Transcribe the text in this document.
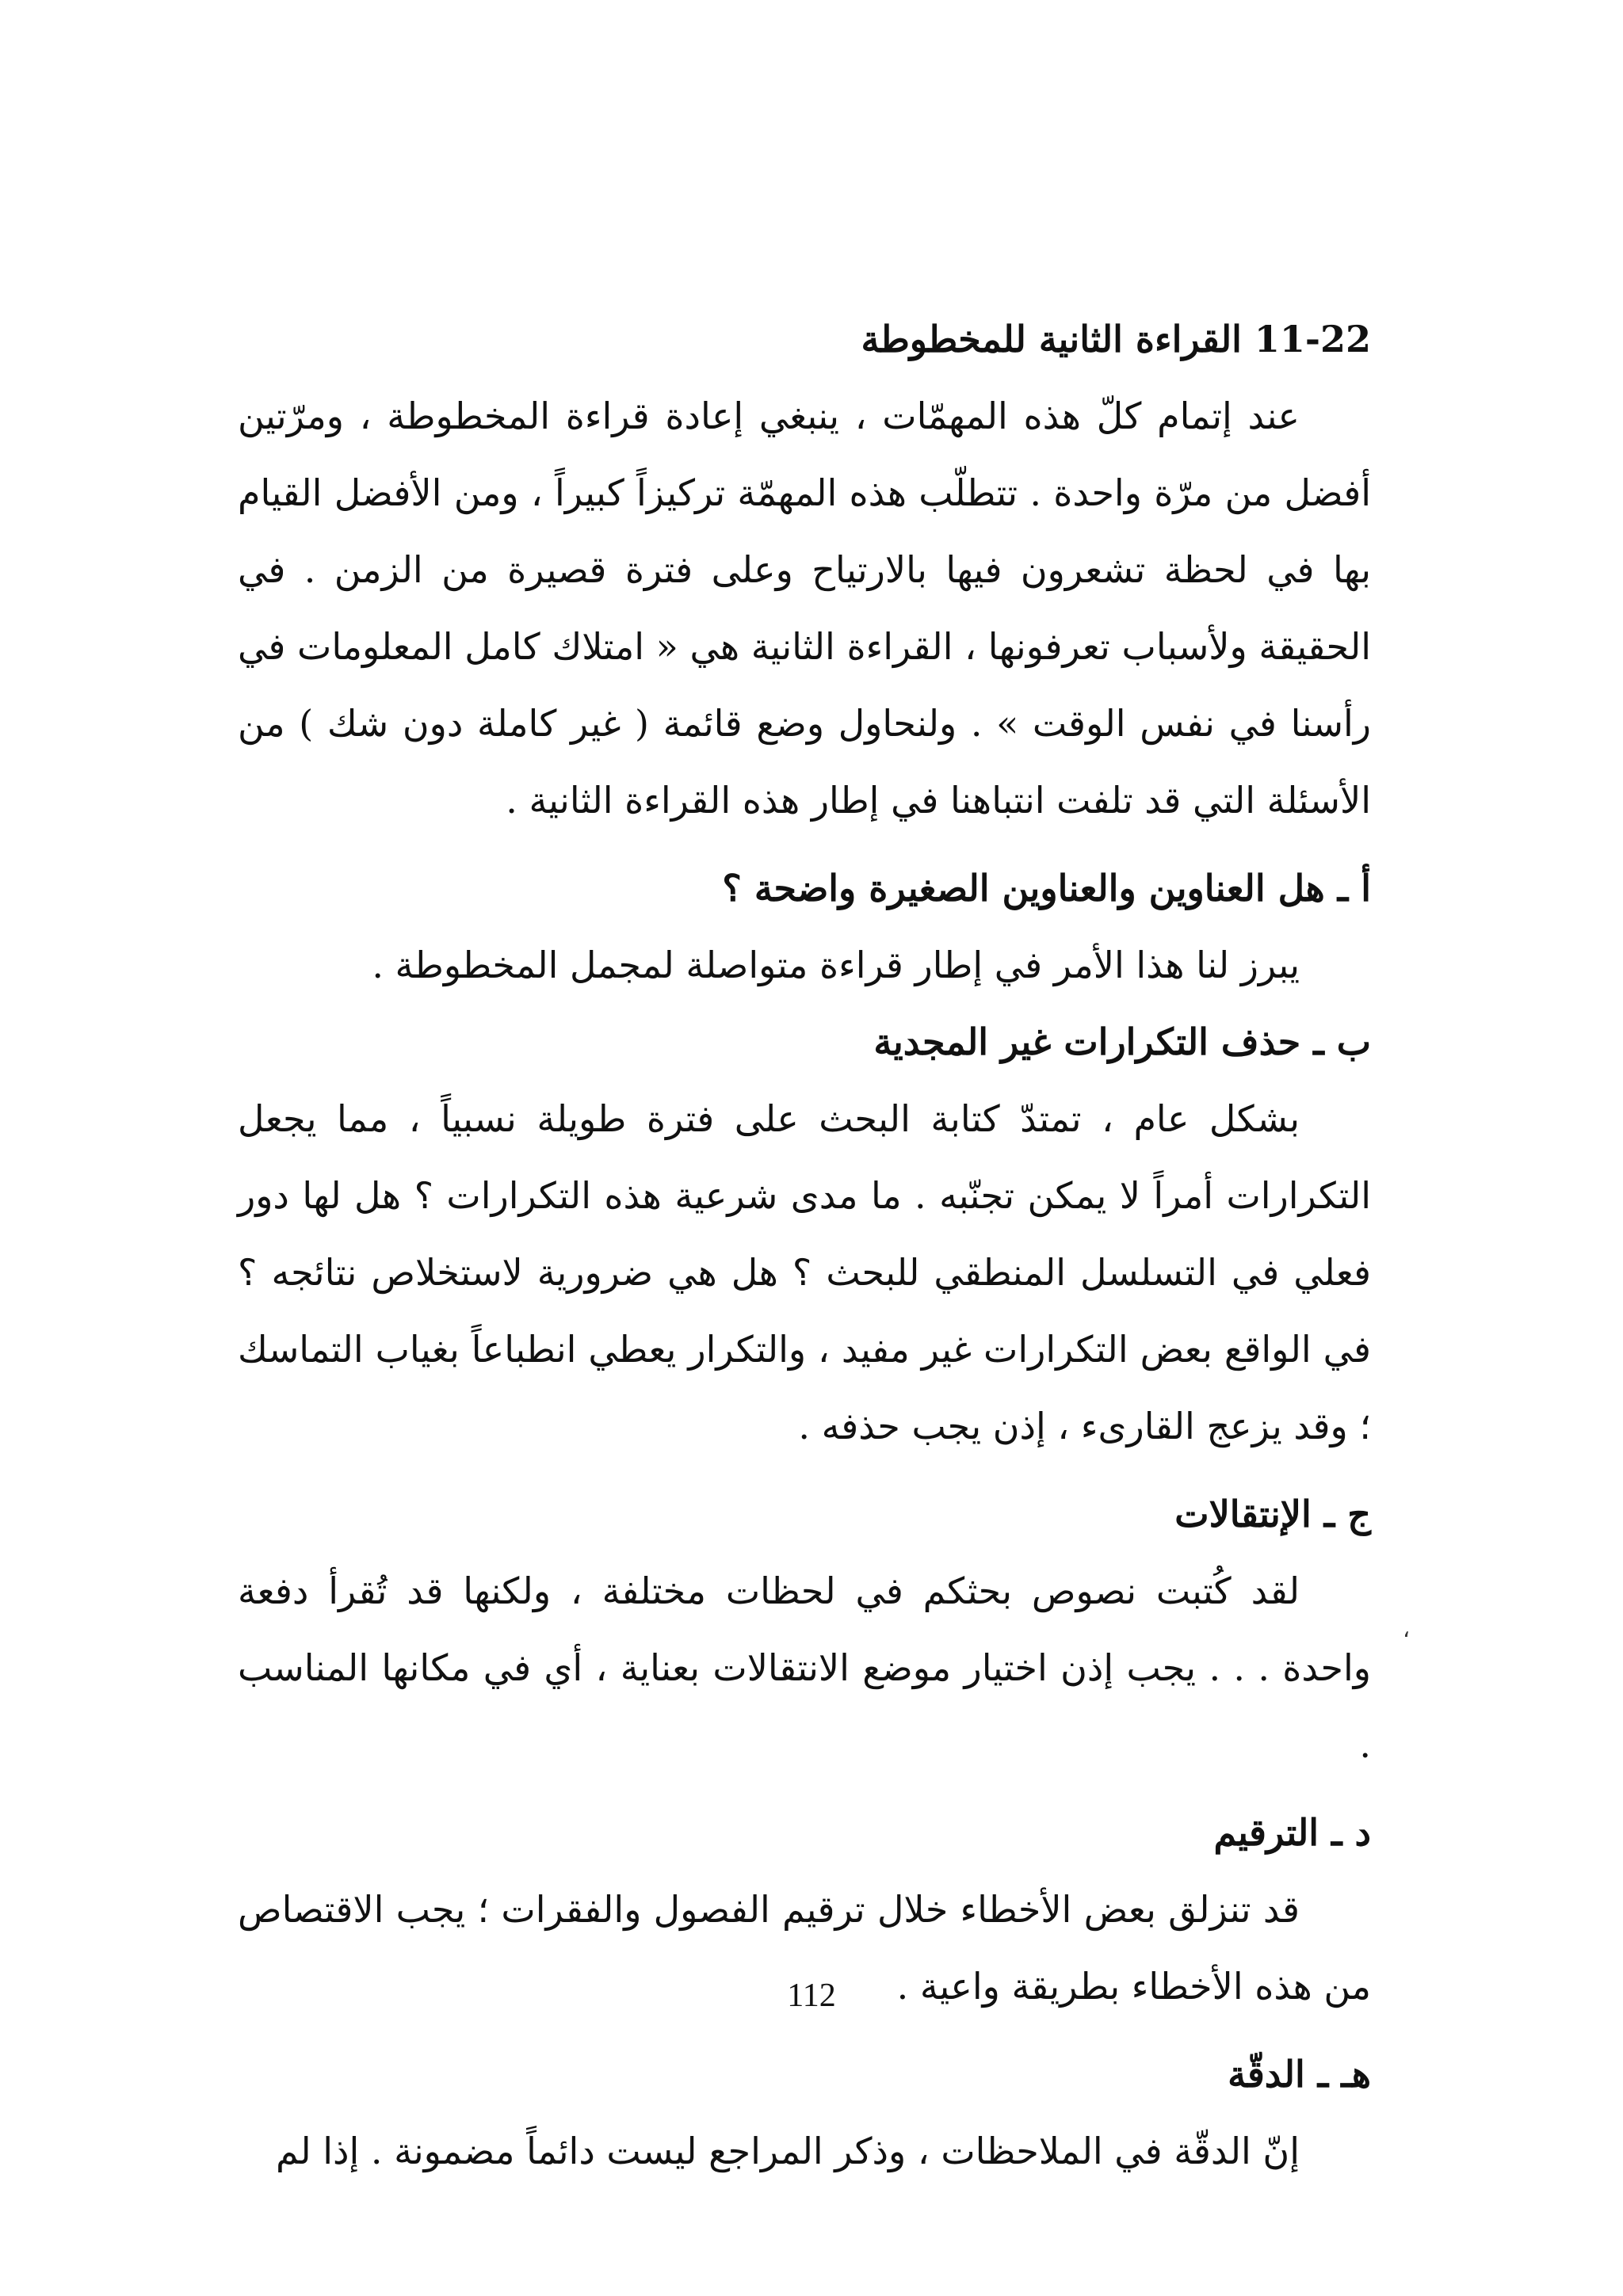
11-22 القراءة الثانية للمخطوطة

عند إتمام كلّ هذه المهمّات ، ينبغي إعادة قراءة المخطوطة ، ومرّتين أفضل من مرّة واحدة . تتطلّب هذه المهمّة تركيزاً كبيراً ، ومن الأفضل القيام بها في لحظة تشعرون فيها بالارتياح وعلى فترة قصيرة من الزمن . في الحقيقة ولأسباب تعرفونها ، القراءة الثانية هي « امتلاك كامل المعلومات في رأسنا في نفس الوقت » . ولنحاول وضع قائمة ( غير كاملة دون شك ) من الأسئلة التي قد تلفت انتباهنا في إطار هذه القراءة الثانية .

أ ـ هل العناوين والعناوين الصغيرة واضحة ؟

يبرز لنا هذا الأمر في إطار قراءة متواصلة لمجمل المخطوطة .

ب ـ حذف التكرارات غير المجدية

بشكل عام ، تمتدّ كتابة البحث على فترة طويلة نسبياً ، مما يجعل التكرارات أمراً لا يمكن تجنّبه . ما مدى شرعية هذه التكرارات ؟ هل لها دور فعلي في التسلسل المنطقي للبحث ؟ هل هي ضرورية لاستخلاص نتائجه ؟ في الواقع بعض التكرارات غير مفيد ، والتكرار يعطي انطباعاً بغياب التماسك ؛ وقد يزعج القارىء ، إذن يجب حذفه .

ج ـ الإنتقالات

لقد كُتبت نصوص بحثكم في لحظات مختلفة ، ولكنها قد تُقرأ دفعة واحدة . . . يجب إذن اختيار موضع الانتقالات بعناية ، أي في مكانها المناسب .

د ـ الترقيم

قد تنزلق بعض الأخطاء خلال ترقيم الفصول والفقرات ؛ يجب الاقتصاص من هذه الأخطاء بطريقة واعية .

هـ ـ الدقّة

إنّ الدقّة في الملاحظات ، وذكر المراجع ليست دائماً مضمونة . إذا لم

،
112
